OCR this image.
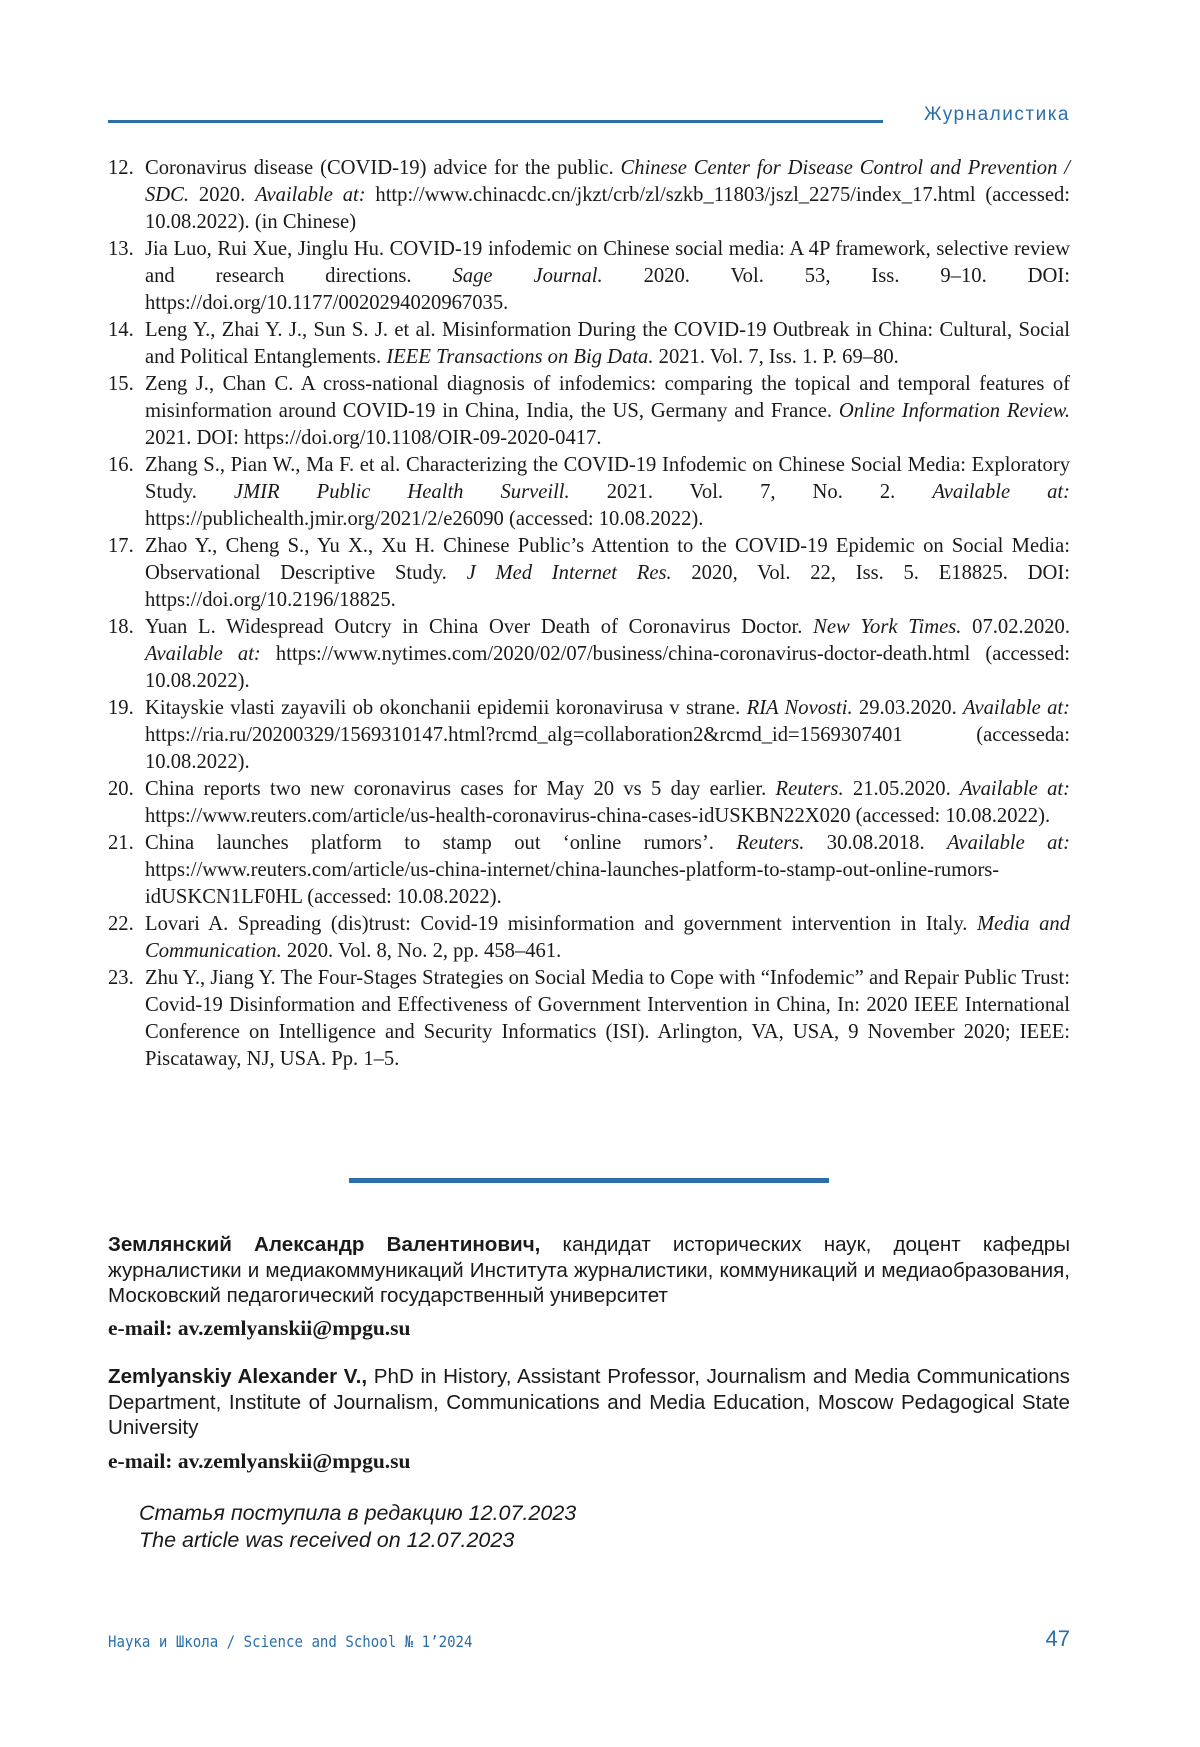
Журналистика
12. Coronavirus disease (COVID-19) advice for the public. Chinese Center for Disease Control and Prevention / SDC. 2020. Available at: http://www.chinacdc.cn/jkzt/crb/zl/szkb_11803/jszl_2275/index_17.html (accessed: 10.08.2022). (in Chinese)
13. Jia Luo, Rui Xue, Jinglu Hu. COVID-19 infodemic on Chinese social media: A 4P framework, selective review and research directions. Sage Journal. 2020. Vol. 53, Iss. 9–10. DOI: https://doi.org/10.1177/0020294020967035.
14. Leng Y., Zhai Y. J., Sun S. J. et al. Misinformation During the COVID-19 Outbreak in China: Cultural, Social and Political Entanglements. IEEE Transactions on Big Data. 2021. Vol. 7, Iss. 1. P. 69–80.
15. Zeng J., Chan C. A cross-national diagnosis of infodemics: comparing the topical and temporal features of misinformation around COVID-19 in China, India, the US, Germany and France. Online Information Review. 2021. DOI: https://doi.org/10.1108/OIR-09-2020-0417.
16. Zhang S., Pian W., Ma F. et al. Characterizing the COVID-19 Infodemic on Chinese Social Media: Exploratory Study. JMIR Public Health Surveill. 2021. Vol. 7, No. 2. Available at: https://publichealth.jmir.org/2021/2/e26090 (accessed: 10.08.2022).
17. Zhao Y., Cheng S., Yu X., Xu H. Chinese Public’s Attention to the COVID-19 Epidemic on Social Media: Observational Descriptive Study. J Med Internet Res. 2020, Vol. 22, Iss. 5. E18825. DOI: https://doi.org/10.2196/18825.
18. Yuan L. Widespread Outcry in China Over Death of Coronavirus Doctor. New York Times. 07.02.2020. Available at: https://www.nytimes.com/2020/02/07/business/china-coronavirus-doctor-death.html (accessed: 10.08.2022).
19. Kitayskie vlasti zayavili ob okonchanii epidemii koronavirusa v strane. RIA Novosti. 29.03.2020. Available at: https://ria.ru/20200329/1569310147.html?rcmd_alg=collaboration2&rcmd_id=1569307401 (accesseda: 10.08.2022).
20. China reports two new coronavirus cases for May 20 vs 5 day earlier. Reuters. 21.05.2020. Available at: https://www.reuters.com/article/us-health-coronavirus-china-cases-idUSKBN22X020 (accessed: 10.08.2022).
21. China launches platform to stamp out ‘online rumors’. Reuters. 30.08.2018. Available at: https://www.reuters.com/article/us-china-internet/china-launches-platform-to-stamp-out-online-rumors-idUSKCN1LF0HL (accessed: 10.08.2022).
22. Lovari A. Spreading (dis)trust: Covid-19 misinformation and government intervention in Italy. Media and Communication. 2020. Vol. 8, No. 2, pp. 458–461.
23. Zhu Y., Jiang Y. The Four-Stages Strategies on Social Media to Cope with “Infodemic” and Repair Public Trust: Covid-19 Disinformation and Effectiveness of Government Intervention in China, In: 2020 IEEE International Conference on Intelligence and Security Informatics (ISI). Arlington, VA, USA, 9 November 2020; IEEE: Piscataway, NJ, USA. Pp. 1–5.

Землянский Александр Валентинович, кандидат исторических наук, доцент кафедры журналистики и медиакоммуникаций Института журналистики, коммуникаций и медиаобразования, Московский педагогический государственный университет

e-mail: av.zemlyanskii@mpgu.su

Zemlyanskiy Alexander V., PhD in History, Assistant Professor, Journalism and Media Communications Department, Institute of Journalism, Communications and Media Education, Moscow Pedagogical State University

e-mail: av.zemlyanskii@mpgu.su
Статья поступила в редакцию 12.07.2023
The article was received on 12.07.2023
Наука и Школа / Science and School № 1’2024	47
